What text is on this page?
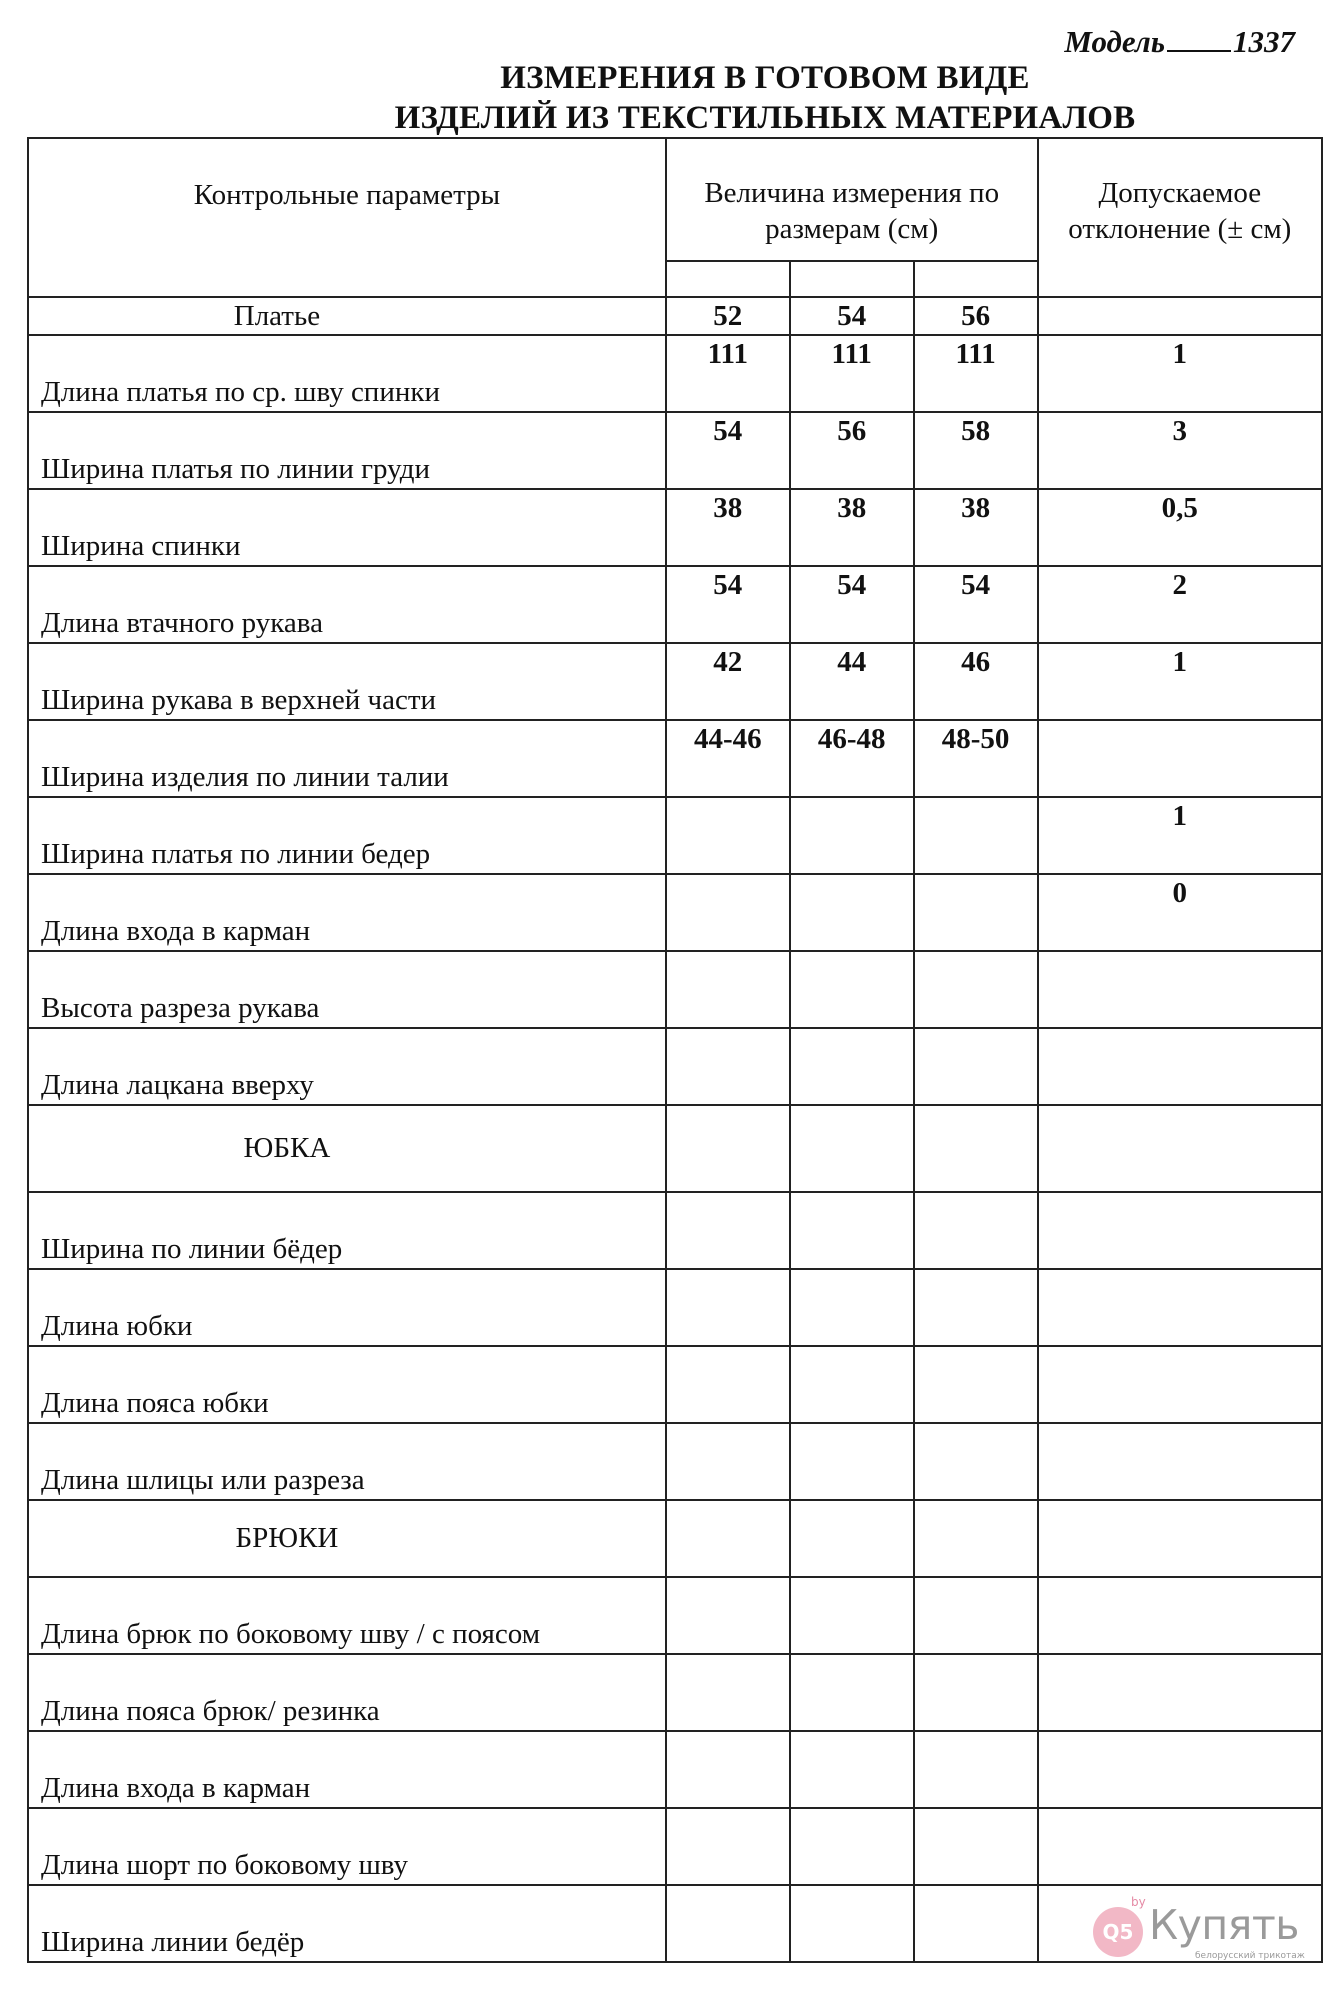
Модель 1337
ИЗМЕРЕНИЯ В ГОТОВОМ ВИДЕ
ИЗДЕЛИЙ ИЗ ТЕКСТИЛЬНЫХ МАТЕРИАЛОВ
Контрольные параметры	Величина измерения по размерам (см)			Допускаемое отклонение (± см)

Платье	52	54	56	
Длина платья по ср. шву спинки	111	111	111	1
Ширина платья по линии груди	54	56	58	3
Ширина спинки	38	38	38	0,5
Длина втачного рукава	54	54	54	2
Ширина рукава в верхней части	42	44	46	1
Ширина изделия по линии талии	44-46	46-48	48-50	
Ширина платья по линии бедер				1
Длина входа в карман				0
Высота разреза рукава				
Длина лацкана вверху				
ЮБКА				
Ширина по линии бёдер				
Длина юбки				
Длина пояса юбки				
Длина шлицы или разреза				
БРЮКИ				
Длина брюк по боковому шву / с поясом				
Длина пояса брюк/ резинка				
Длина входа в карман				
Длина шорт по боковому шву				
Ширина линии бедёр					Q5
by Купять
белорусский трикотаж
